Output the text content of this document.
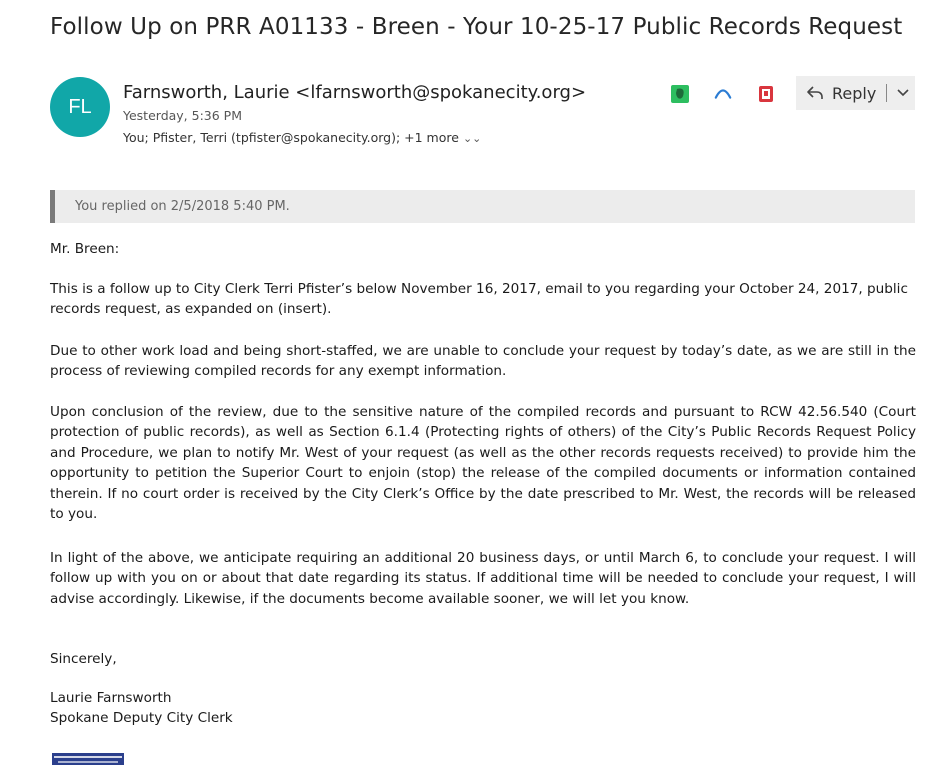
Follow Up on PRR A01133 - Breen - Your 10-25-17 Public Records Request
FL
Farnsworth, Laurie <lfarnsworth@spokanecity.org>
Yesterday, 5:36 PM
You; Pfister, Terri (tpfister@spokanecity.org); +1 more ⌄⌄
Reply
You replied on 2/5/2018 5:40 PM.
Mr. Breen:
This is a follow up to City Clerk Terri Pfister’s below November 16, 2017, email to you regarding your October 24, 2017, public records request, as expanded on (insert).
Due to other work load and being short-staffed, we are unable to conclude your request by today’s date, as we are still in the process of reviewing compiled records for any exempt information.
Upon conclusion of the review, due to the sensitive nature of the compiled records and pursuant to RCW 42.56.540 (Court protection of public records), as well as Section 6.1.4 (Protecting rights of others) of the City’s Public Records Request Policy and Procedure, we plan to notify Mr. West of your request (as well as the other records requests received) to provide him the opportunity to petition the Superior Court to enjoin (stop) the release of the compiled documents or information contained therein. If no court order is received by the City Clerk’s Office by the date prescribed to Mr. West, the records will be released to you.
In light of the above, we anticipate requiring an additional 20 business days, or until March 6, to conclude your request. I will follow up with you on or about that date regarding its status. If additional time will be needed to conclude your request, I will advise accordingly. Likewise, if the documents become available sooner, we will let you know.
Sincerely,
Laurie Farnsworth
Spokane Deputy City Clerk
